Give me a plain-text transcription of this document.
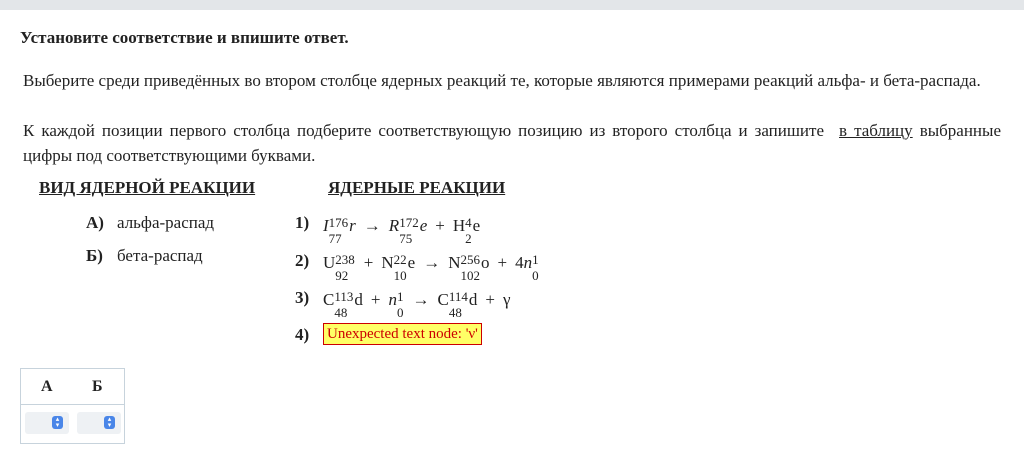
Установите соответствие и впишите ответ.
Выберите среди приведённых во втором столбце ядерных реакций те, которые являются примерами реакций альфа- и бета-распада.
К каждой позиции первого столбца подберите соответствующую позицию из второго столбца и запишите в таблицу выбранные цифры под соответствующими буквами.
ВИД ЯДЕРНОЙ РЕАКЦИИ	ЯДЕРНЫЕ РЕАКЦИИ
А) альфа-распад
Б) бета-распад
1) I 176
77
r → R 172
75
e + H 4
2
e
2) U 238
92
+ N 22
10
e → N 256
102
o + 4 n 1
0
3) C 113
48
d + n 1
0
→ C 114
48
d + γ
4) Unexpected text node: 'ν'
А Б
▴
▾
▴
▾
